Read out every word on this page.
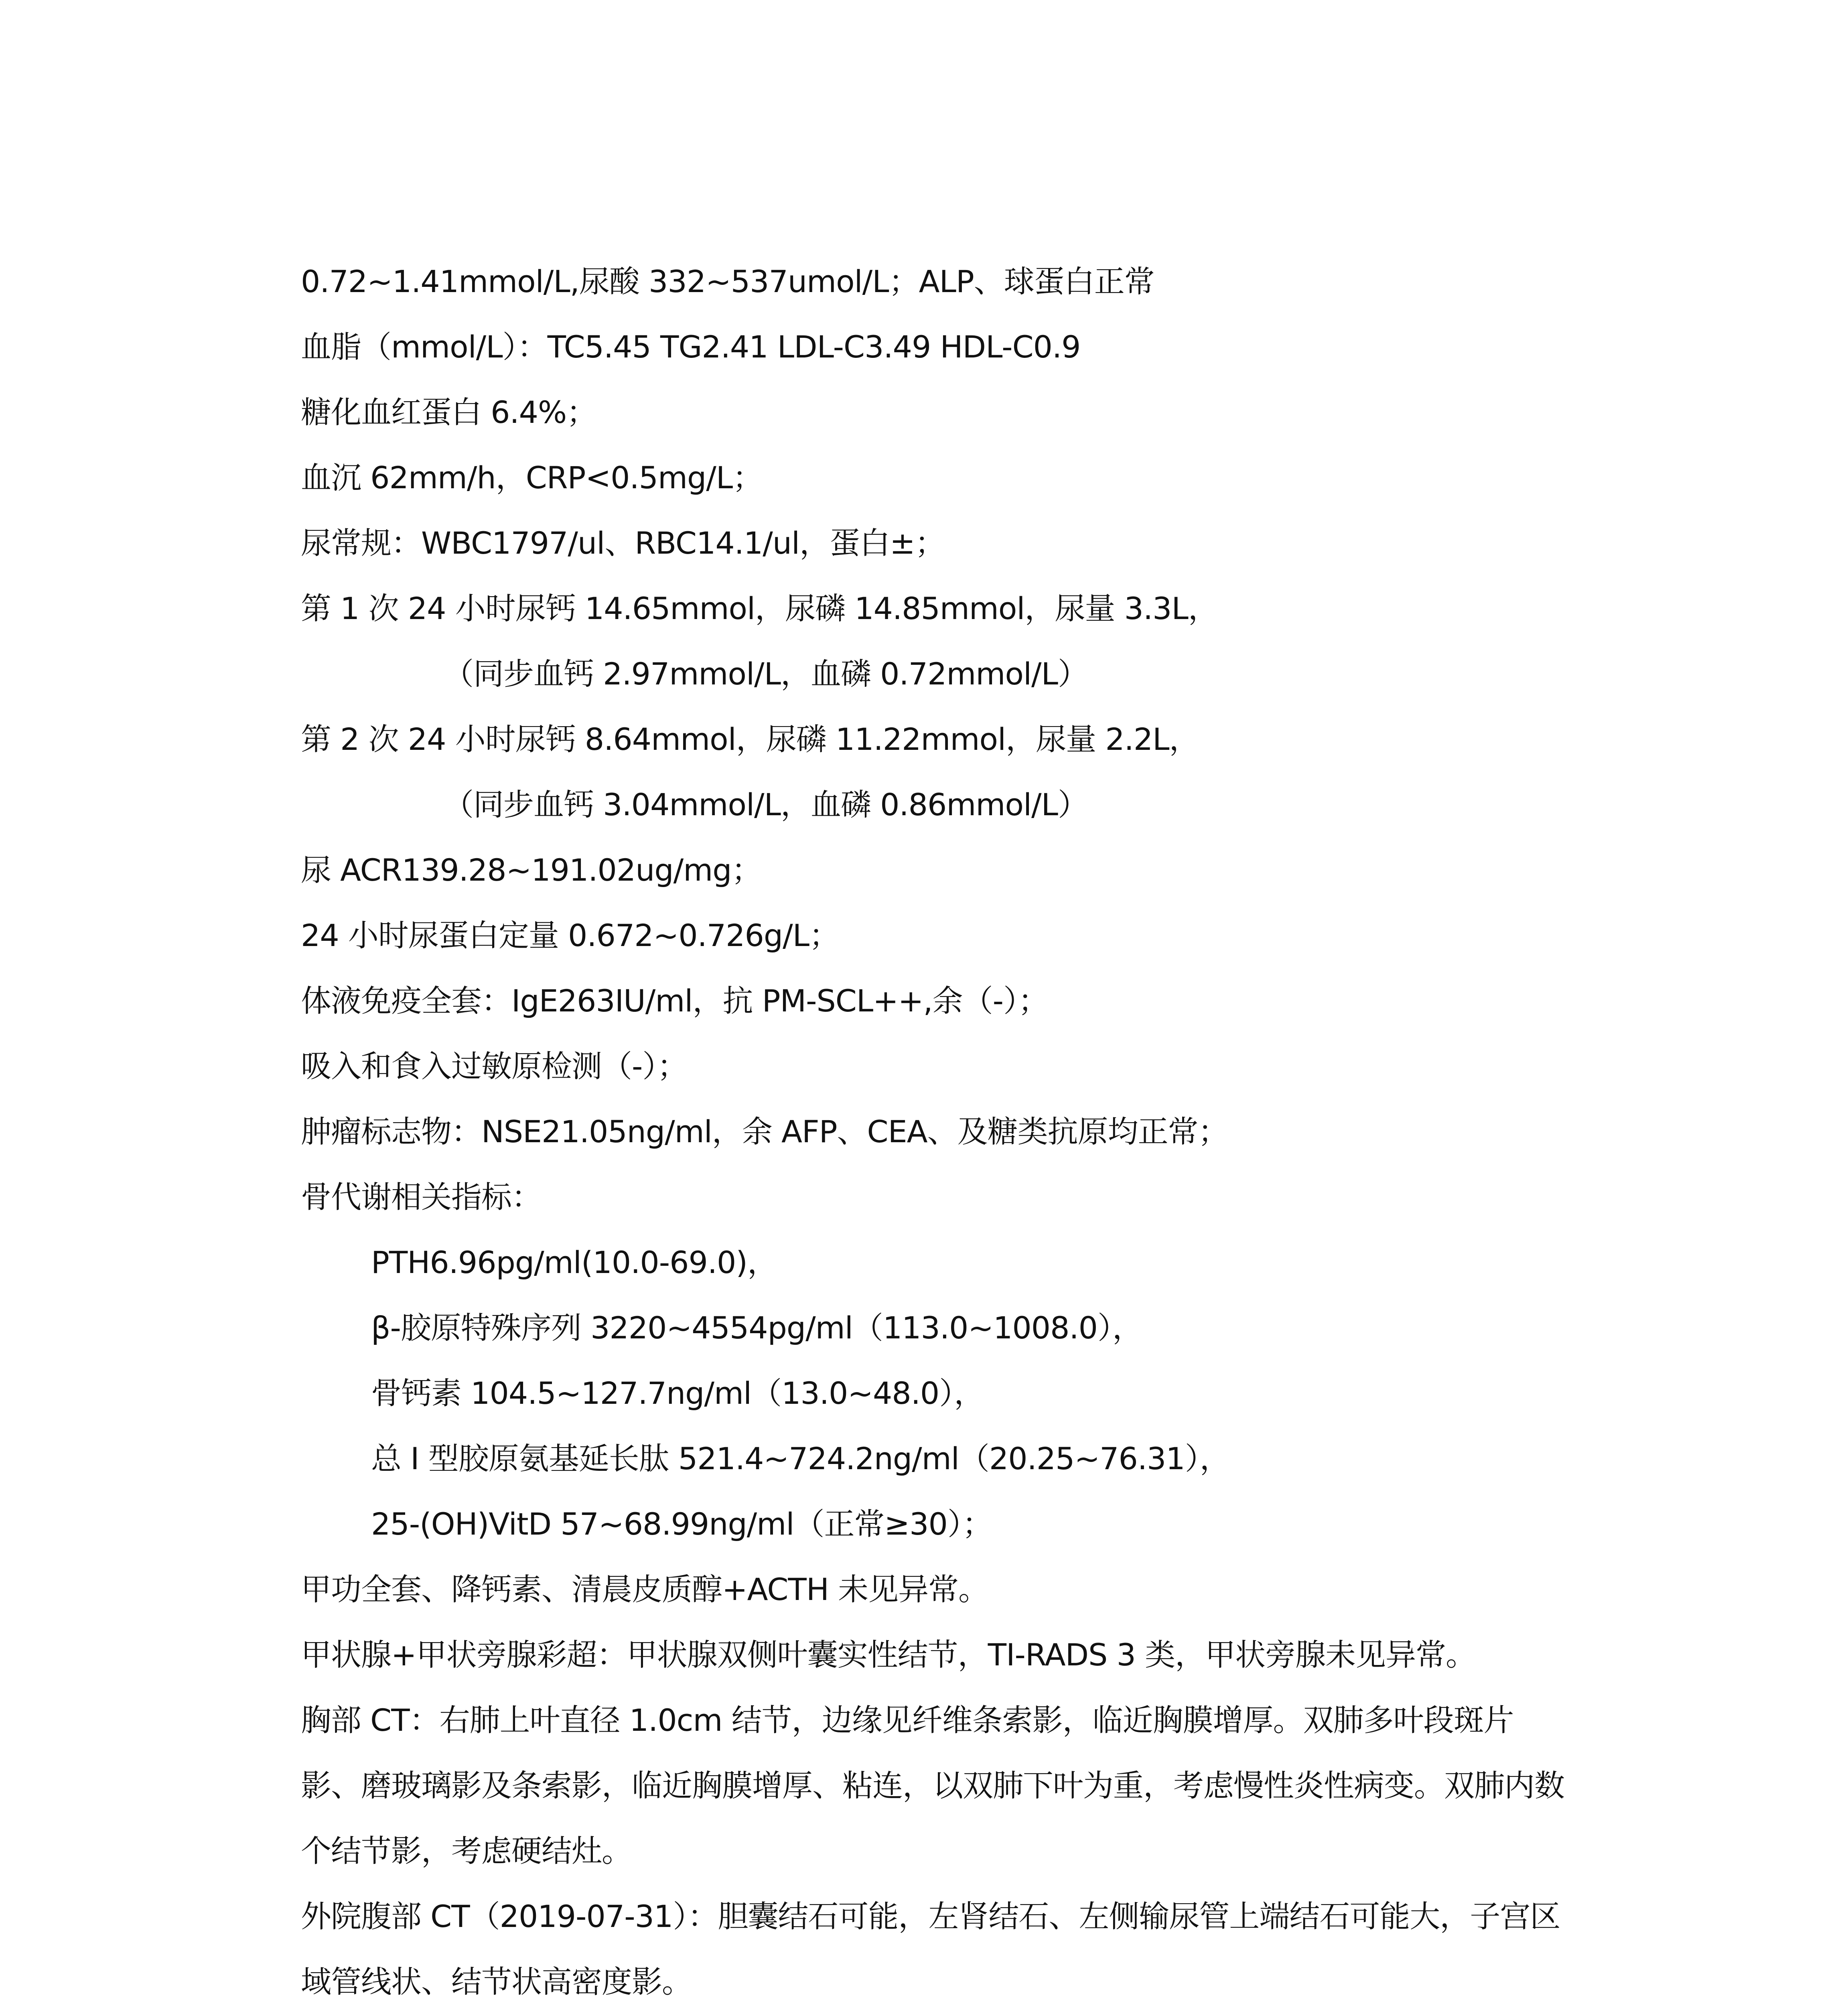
0.72~1.41mmol/L,尿酸 332~537umol/L；ALP、球蛋白正常
血脂（mmol/L）：TC5.45 TG2.41 LDL-C3.49 HDL-C0.9
糖化血红蛋白 6.4%；
血沉 62mm/h，CRP<0.5mg/L；
尿常规：WBC1797/ul、RBC14.1/ul，蛋白±；
第 1 次 24 小时尿钙 14.65mmol，尿磷 14.85mmol，尿量 3.3L，
（同步血钙 2.97mmol/L，血磷 0.72mmol/L）
第 2 次 24 小时尿钙 8.64mmol，尿磷 11.22mmol，尿量 2.2L，
（同步血钙 3.04mmol/L，血磷 0.86mmol/L）
尿 ACR139.28~191.02ug/mg；
24 小时尿蛋白定量 0.672~0.726g/L；
体液免疫全套：IgE263IU/ml，抗 PM-SCL++,余（-）；
吸入和食入过敏原检测（-）；
肿瘤标志物：NSE21.05ng/ml，余 AFP、CEA、及糖类抗原均正常；
骨代谢相关指标：
PTH6.96pg/ml(10.0-69.0)，
β-胶原特殊序列 3220~4554pg/ml（113.0~1008.0），
骨钙素 104.5~127.7ng/ml（13.0~48.0），
总 I 型胶原氨基延长肽 521.4~724.2ng/ml（20.25~76.31），
25-(OH)VitD 57~68.99ng/ml（正常≥30）；
甲功全套、降钙素、清晨皮质醇+ACTH 未见异常。
甲状腺+甲状旁腺彩超：甲状腺双侧叶囊实性结节，TI-RADS 3 类，甲状旁腺未见异常。
胸部 CT：右肺上叶直径 1.0cm 结节，边缘见纤维条索影，临近胸膜增厚。双肺多叶段斑片影、磨玻璃影及条索影，临近胸膜增厚、粘连，以双肺下叶为重，考虑慢性炎性病变。双肺内数个结节影，考虑硬结灶。
外院腹部 CT（2019-07-31）：胆囊结石可能，左肾结石、左侧输尿管上端结石可能大，子宫区域管线状、结节状高密度影。
